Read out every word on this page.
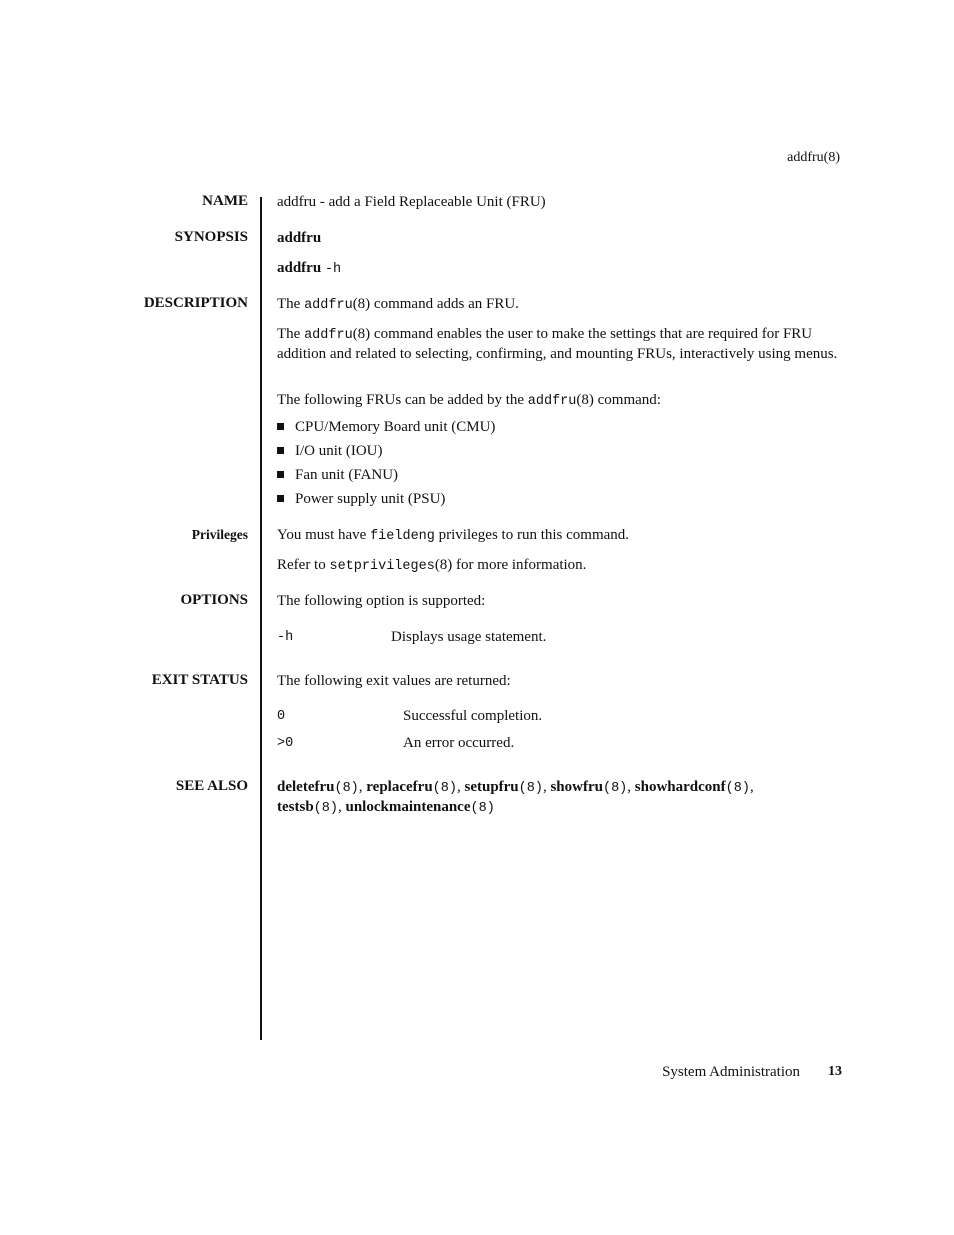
addfru(8)
NAME addfru - add a Field Replaceable Unit (FRU)
SYNOPSIS addfru
addfru -h
DESCRIPTION The addfru(8) command adds an FRU.
The addfru(8) command enables the user to make the settings that are required for FRU addition and related to selecting, confirming, and mounting FRUs, interactively using menus.
The following FRUs can be added by the addfru(8) command:
CPU/Memory Board unit (CMU)
I/O unit (IOU)
Fan unit (FANU)
Power supply unit (PSU)
Privileges You must have fieldeng privileges to run this command.
Refer to setprivileges(8) for more information.
OPTIONS The following option is supported:
-h	Displays usage statement.
EXIT STATUS The following exit values are returned:
0	Successful completion.
>0	An error occurred.
SEE ALSO deletefru(8), replacefru(8), setupfru(8), showfru(8), showhardconf(8), testsb(8), unlockmaintenance(8)
System Administration 13
